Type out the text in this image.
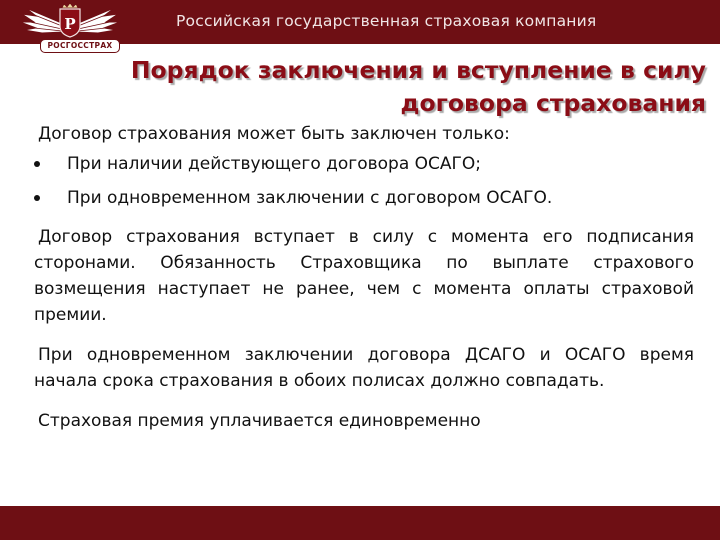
Российская государственная страховая компания
Р
РОСГОССТРАХ
Порядок заключения и вступление в силу
договора страхования

Договор страхования может быть заключен только:

При наличии действующего договора ОСАГО;
При одновременном заключении с договором ОСАГО.

Договор страхования вступает в силу с момента его подписания сторонами. Обязанность Страховщика по выплате страхового возмещения наступает не ранее, чем с момента оплаты страховой премии.

При одновременном заключении договора ДСАГО и ОСАГО время начала срока страхования в обоих полисах должно совпадать.

Страховая премия уплачивается единовременно
